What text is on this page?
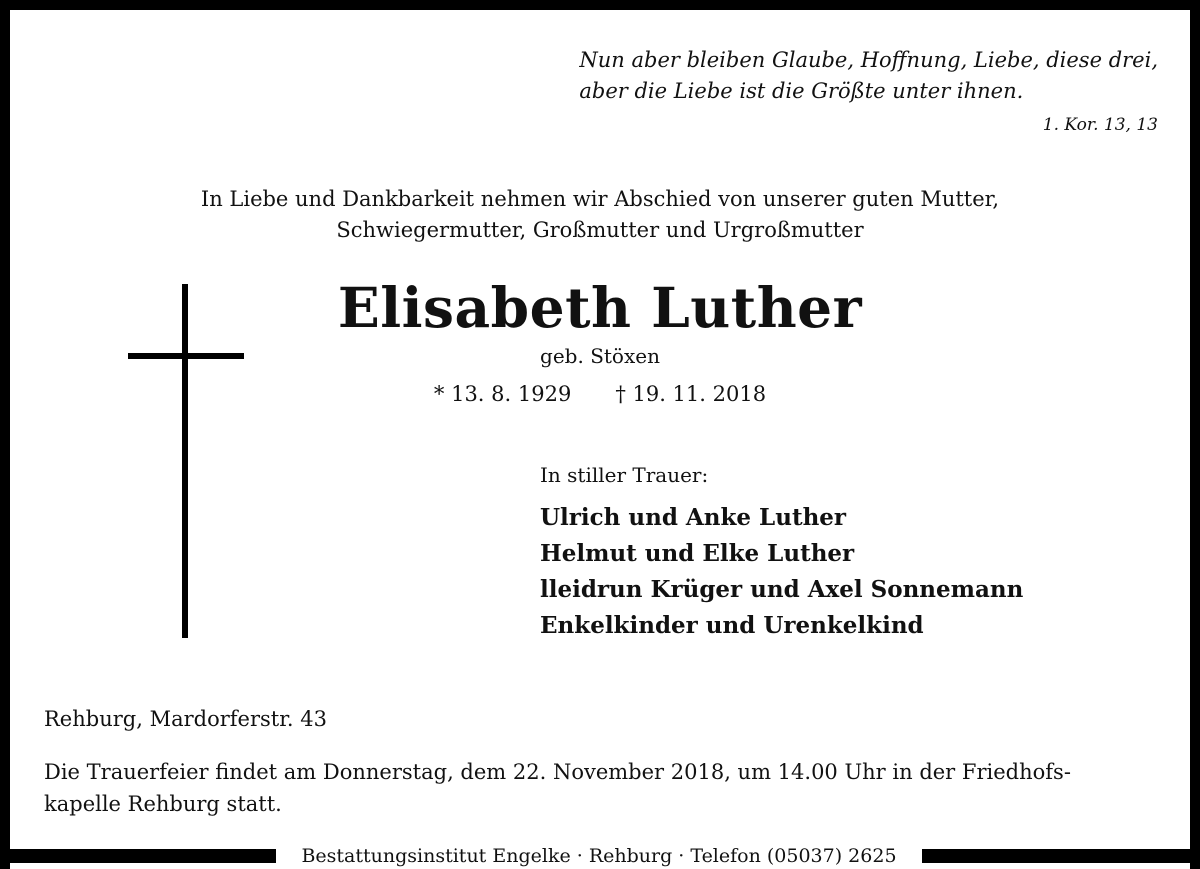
Nun aber bleiben Glaube, Hoffnung, Liebe, diese drei,
aber die Liebe ist die Größte unter ihnen.
1. Kor. 13, 13
In Liebe und Dankbarkeit nehmen wir Abschied von unserer guten Mutter,
Schwiegermutter, Großmutter und Urgroßmutter
Elisabeth Luther
geb. Stöxen
* 13. 8. 1929 † 19. 11. 2018
In stiller Trauer:
Ulrich und Anke Luther
Helmut und Elke Luther
lleidrun Krüger und Axel Sonnemann
Enkelkinder und Urenkelkind
Rehburg, Mardorferstr. 43
Die Trauerfeier findet am Donnerstag, dem 22. November 2018, um 14.00 Uhr in der Friedhofs-
kapelle Rehburg statt.
Bestattungsinstitut Engelke · Rehburg · Telefon (05037) 2625
